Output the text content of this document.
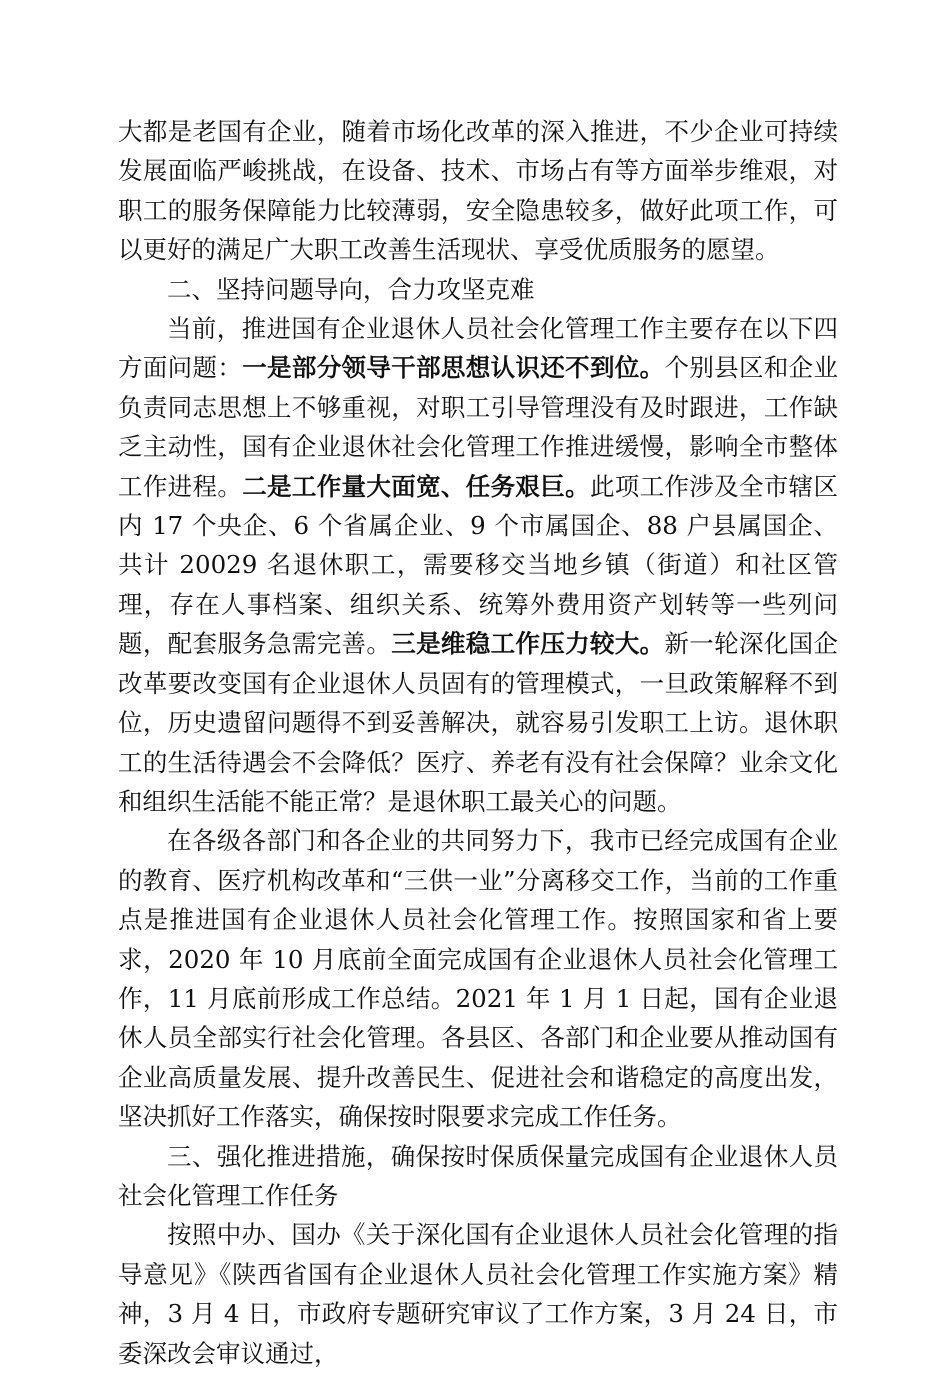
大都是老国有企业，随着市场化改革的深入推进，不少企业可持续发展面临严峻挑战，在设备、技术、市场占有等方面举步维艰，对职工的服务保障能力比较薄弱，安全隐患较多，做好此项工作，可以更好的满足广大职工改善生活现状、享受优质服务的愿望。

二、坚持问题导向，合力攻坚克难

当前，推进国有企业退休人员社会化管理工作主要存在以下四方面问题：一是部分领导干部思想认识还不到位。个别县区和企业负责同志思想上不够重视，对职工引导管理没有及时跟进，工作缺乏主动性，国有企业退休社会化管理工作推进缓慢，影响全市整体工作进程。二是工作量大面宽、任务艰巨。此项工作涉及全市辖区内 17 个央企、6 个省属企业、9 个市属国企、88 户县属国企、共计 20029 名退休职工，需要移交当地乡镇（街道）和社区管理，存在人事档案、组织关系、统筹外费用资产划转等一些列问题，配套服务急需完善。三是维稳工作压力较大。新一轮深化国企改革要改变国有企业退休人员固有的管理模式，一旦政策解释不到位，历史遗留问题得不到妥善解决，就容易引发职工上访。退休职工的生活待遇会不会降低？医疗、养老有没有社会保障？业余文化和组织生活能不能正常？是退休职工最关心的问题。

在各级各部门和各企业的共同努力下，我市已经完成国有企业的教育、医疗机构改革和“三供一业”分离移交工作，当前的工作重点是推进国有企业退休人员社会化管理工作。按照国家和省上要求，2020 年 10 月底前全面完成国有企业退休人员社会化管理工作，11 月底前形成工作总结。2021 年 1 月 1 日起，国有企业退休人员全部实行社会化管理。各县区、各部门和企业要从推动国有企业高质量发展、提升改善民生、促进社会和谐稳定的高度出发，坚决抓好工作落实，确保按时限要求完成工作任务。

三、强化推进措施，确保按时保质保量完成国有企业退休人员社会化管理工作任务

按照中办、国办《关于深化国有企业退休人员社会化管理的指导意见》《陕西省国有企业退休人员社会化管理工作实施方案》精神，3 月 4 日，市政府专题研究审议了工作方案，3 月 24 日，市委深改会审议通过，
